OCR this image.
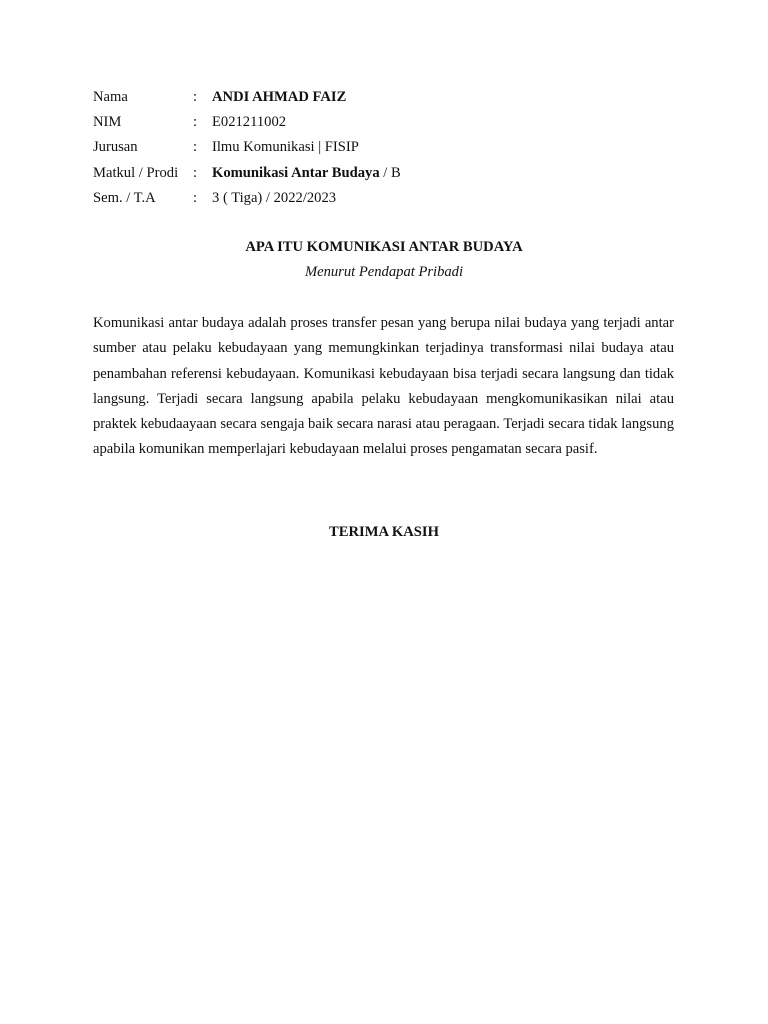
Nama	:	ANDI AHMAD FAIZ
NIM	:	E021211002
Jurusan	:	Ilmu Komunikasi | FISIP
Matkul / Prodi	:	Komunikasi Antar Budaya / B
Sem. / T.A	:	3 ( Tiga) / 2022/2023
APA ITU KOMUNIKASI ANTAR BUDAYA
Menurut Pendapat Pribadi

Komunikasi antar budaya adalah proses transfer pesan yang berupa nilai budaya yang terjadi antar sumber atau pelaku kebudayaan yang memungkinkan terjadinya transformasi nilai budaya atau penambahan referensi kebudayaan. Komunikasi kebudayaan bisa terjadi secara langsung dan tidak langsung. Terjadi secara langsung apabila pelaku kebudayaan mengkomunikasikan nilai atau praktek kebudaayaan secara sengaja baik secara narasi atau peragaan. Terjadi secara tidak langsung apabila komunikan memperlajari kebudayaan melalui proses pengamatan secara pasif.

TERIMA KASIH
